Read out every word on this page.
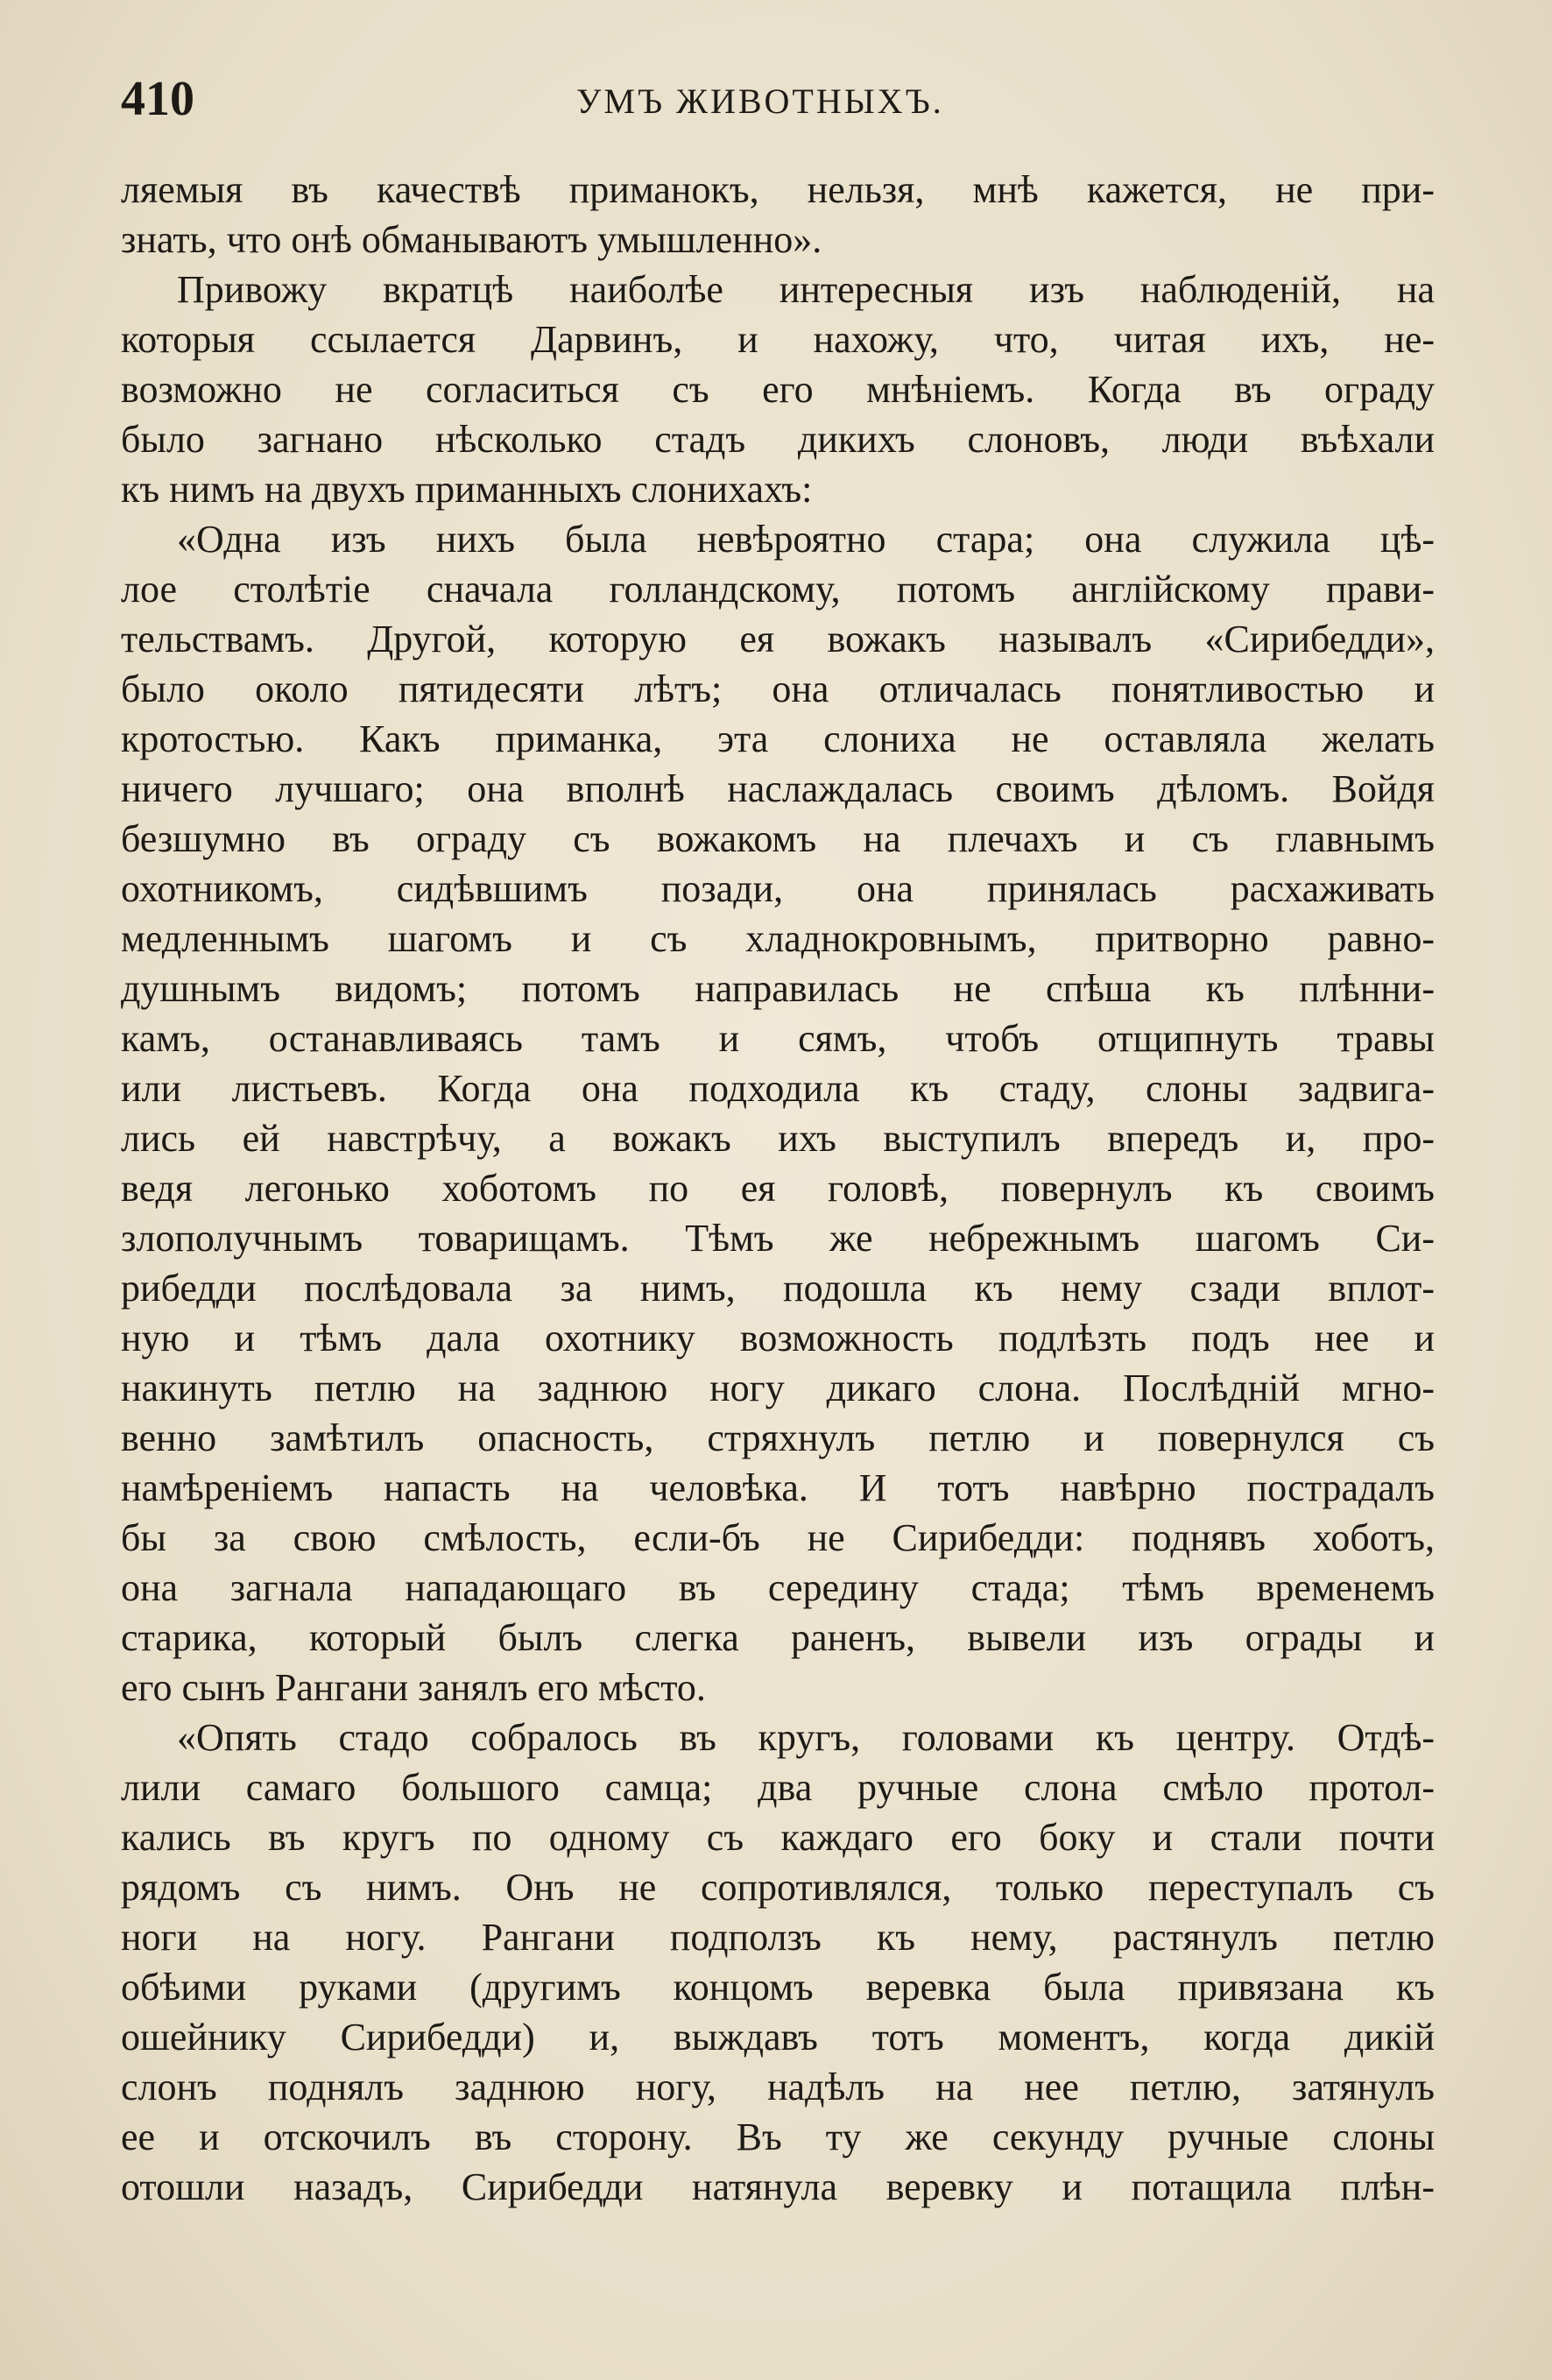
410	УМЪ ЖИВОТНЫХЪ.
ляемыя въ качествѣ приманокъ, нельзя, мнѣ кажется, не при-
знать, что онѣ обманываютъ умышленно».
Привожу вкратцѣ наиболѣе интересныя изъ наблюденій, на
которыя ссылается Дарвинъ, и нахожу, что, читая ихъ, не-
возможно не согласиться съ его мнѣніемъ. Когда въ ограду
было загнано нѣсколько стадъ дикихъ слоновъ, люди въѣхали
къ нимъ на двухъ приманныхъ слонихахъ:
«Одна изъ нихъ была невѣроятно стара; она служила цѣ-
лое столѣтіе сначала голландскому, потомъ англійскому прави-
тельствамъ. Другой, которую ея вожакъ называлъ «Сирибедди»,
было около пятидесяти лѣтъ; она отличалась понятливостью и
кротостью. Какъ приманка, эта слониха не оставляла желать
ничего лучшаго; она вполнѣ наслаждалась своимъ дѣломъ. Войдя
безшумно въ ограду съ вожакомъ на плечахъ и съ главнымъ
охотникомъ, сидѣвшимъ позади, она принялась расхаживать
медленнымъ шагомъ и съ хладнокровнымъ, притворно равно-
душнымъ видомъ; потомъ направилась не спѣша къ плѣнни-
камъ, останавливаясь тамъ и сямъ, чтобъ отщипнуть травы
или листьевъ. Когда она подходила къ стаду, слоны задвига-
лись ей навстрѣчу, а вожакъ ихъ выступилъ впередъ и, про-
ведя легонько хоботомъ по ея головѣ, повернулъ къ своимъ
злополучнымъ товарищамъ. Тѣмъ же небрежнымъ шагомъ Си-
рибедди послѣдовала за нимъ, подошла къ нему сзади вплот-
ную и тѣмъ дала охотнику возможность подлѣзть подъ нее и
накинуть петлю на заднюю ногу дикаго слона. Послѣдній мгно-
венно замѣтилъ опасность, стряхнулъ петлю и повернулся съ
намѣреніемъ напасть на человѣка. И тотъ навѣрно пострадалъ
бы за свою смѣлость, если-бъ не Сирибедди: поднявъ хоботъ,
она загнала нападающаго въ середину стада; тѣмъ временемъ
старика, который былъ слегка раненъ, вывели изъ ограды и
его сынъ Рангани занялъ его мѣсто.
«Опять стадо собралось въ кругъ, головами къ центру. Отдѣ-
лили самаго большого самца; два ручные слона смѣло протол-
кались въ кругъ по одному съ каждаго его боку и стали почти
рядомъ съ нимъ. Онъ не сопротивлялся, только переступалъ съ
ноги на ногу. Рангани подползъ къ нему, растянулъ петлю
обѣими руками (другимъ концомъ веревка была привязана къ
ошейнику Сирибедди) и, выждавъ тотъ моментъ, когда дикій
слонъ поднялъ заднюю ногу, надѣлъ на нее петлю, затянулъ
ее и отскочилъ въ сторону. Въ ту же секунду ручные слоны
отошли назадъ, Сирибедди натянула веревку и потащила плѣн-
